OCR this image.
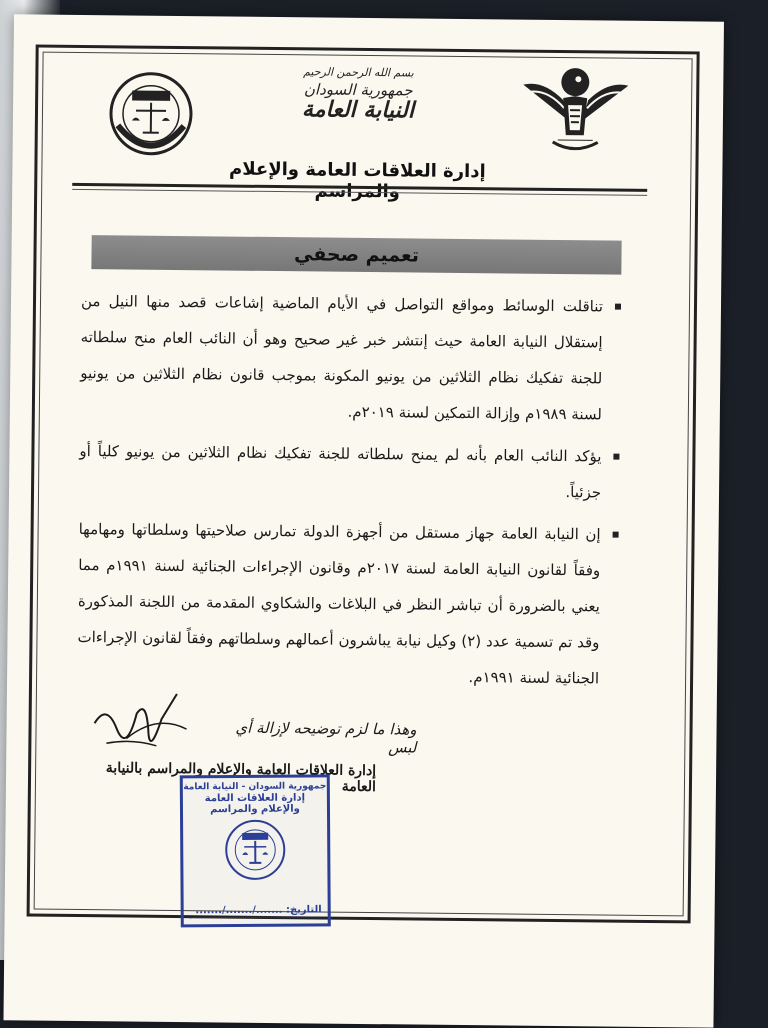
بسم الله الرحمن الرحيم
جمهورية السودان
النيابة العامة
إدارة العلاقات العامة والإعلام
تعميم صحفي

تناقلت الوسائط ومواقع التواصل في الأيام الماضية إشاعات قصد منها النيل من إستقلال النيابة العامة حيث إنتشر خبر غير صحيح وهو أن النائب العام منح سلطاته للجنة تفكيك نظام الثلاثين من يونيو المكونة بموجب قانون نظام الثلاثين من يونيو لسنة ١٩٨٩م وإزالة التمكين لسنة ٢٠١٩م.

يؤكد النائب العام بأنه لم يمنح سلطاته للجنة تفكيك نظام الثلاثين من يونيو كلياً أو جزئياً.

إن النيابة العامة جهاز مستقل من أجهزة الدولة تمارس صلاحيتها وسلطاتها ومهامها وفقاً لقانون النيابة العامة لسنة ٢٠١٧م وقانون الإجراءات الجنائية لسنة ١٩٩١م مما يعني بالضرورة أن تباشر النظر في البلاغات والشكاوي المقدمة من اللجنة المذكورة وقد تم تسمية عدد (٢) وكيل نيابة يباشرون أعمالهم وسلطاتهم وفقاً لقانون الإجراءات الجنائية لسنة ١٩٩١م.

وهذا ما لزم توضيحه لإزالة أي لبس
إدارة العلاقات العامة والإعلام والمراسم بالنيابة العامة
جمهورية السودان - النيابة العامة
إدارة العلاقات العامة
والإعلام والمراسم
التاريخ: ......./......./.......
